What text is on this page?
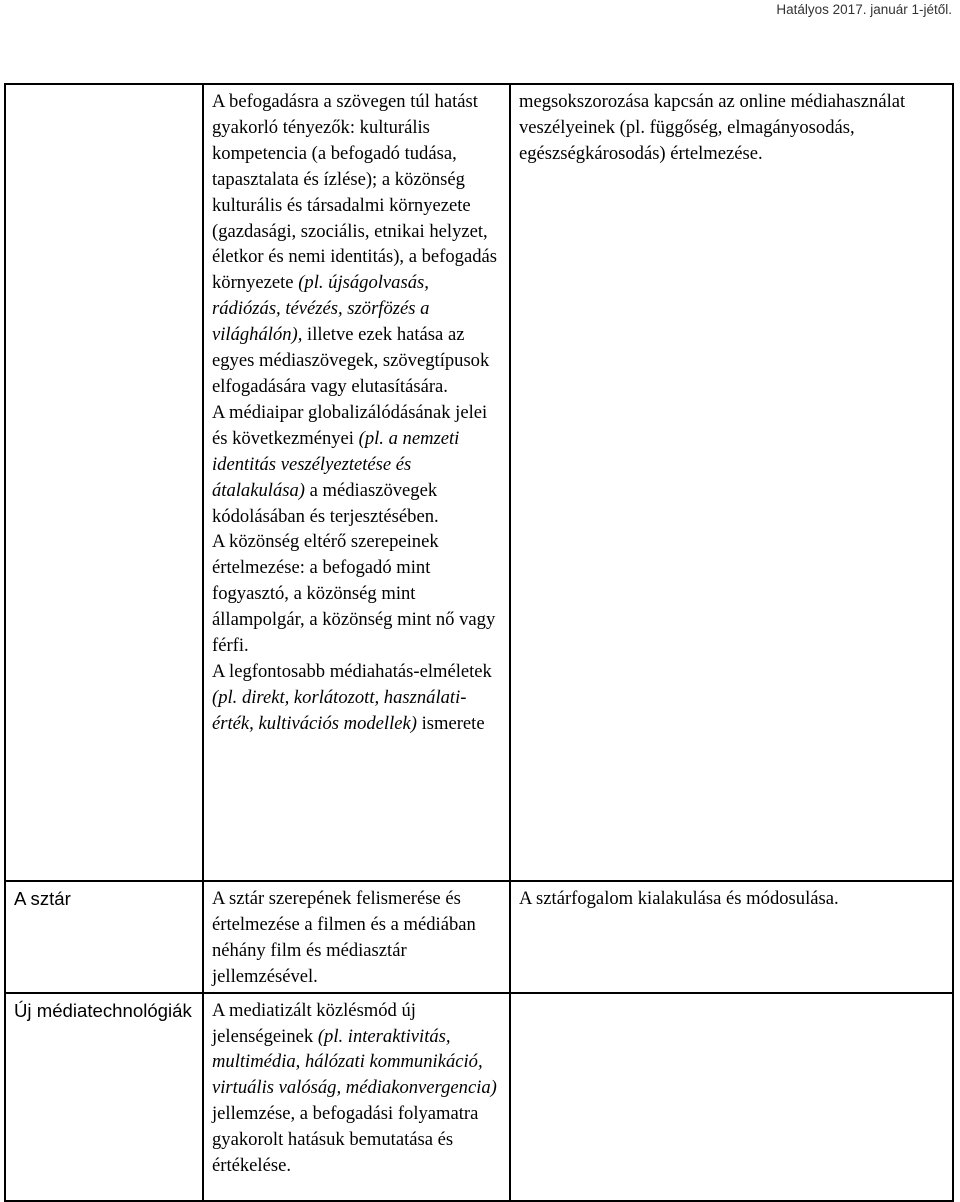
Hatályos 2017. január 1-jétől.

	A befogadásra a szövegen túl hatást gyakorló tényezők: kulturális kompetencia (a befogadó tudása, tapasztalata és ízlése); a közönség kulturális és társadalmi környezete (gazdasági, szociális, etnikai helyzet, életkor és nemi identitás), a befogadás környezete (pl. újságolvasás, rádiózás, tévézés, szörfözés a világhálón), illetve ezek hatása az egyes médiaszövegek, szövegtípusok elfogadására vagy elutasítására.
A médiaipar globalizálódásának jelei és következményei (pl. a nemzeti identitás veszélyeztetése és átalakulása) a médiaszövegek kódolásában és terjesztésében.
A közönség eltérő szerepeinek értelmezése: a befogadó mint fogyasztó, a közönség mint állampolgár, a közönség mint nő vagy férfi.
A legfontosabb médiahatás-elméletek (pl. direkt, korlátozott, használati-érték, kultivációs modellek) ismerete	megsokszorozása kapcsán az online médiahasználat veszélyeinek (pl. függőség, elmagányosodás, egészségkárosodás) értelmezése.
A sztár	A sztár szerepének felismerése és értelmezése a filmen és a médiában néhány film és médiasztár jellemzésével.	A sztárfogalom kialakulása és módosulása.
Új médiatechnológiák	A mediatizált közlésmód új jelenségeinek (pl. interaktivitás, multimédia, hálózati kommunikáció, virtuális valóság, médiakonvergencia) jellemzése, a befogadási folyamatra gyakorolt hatásuk bemutatása és értékelése.	
